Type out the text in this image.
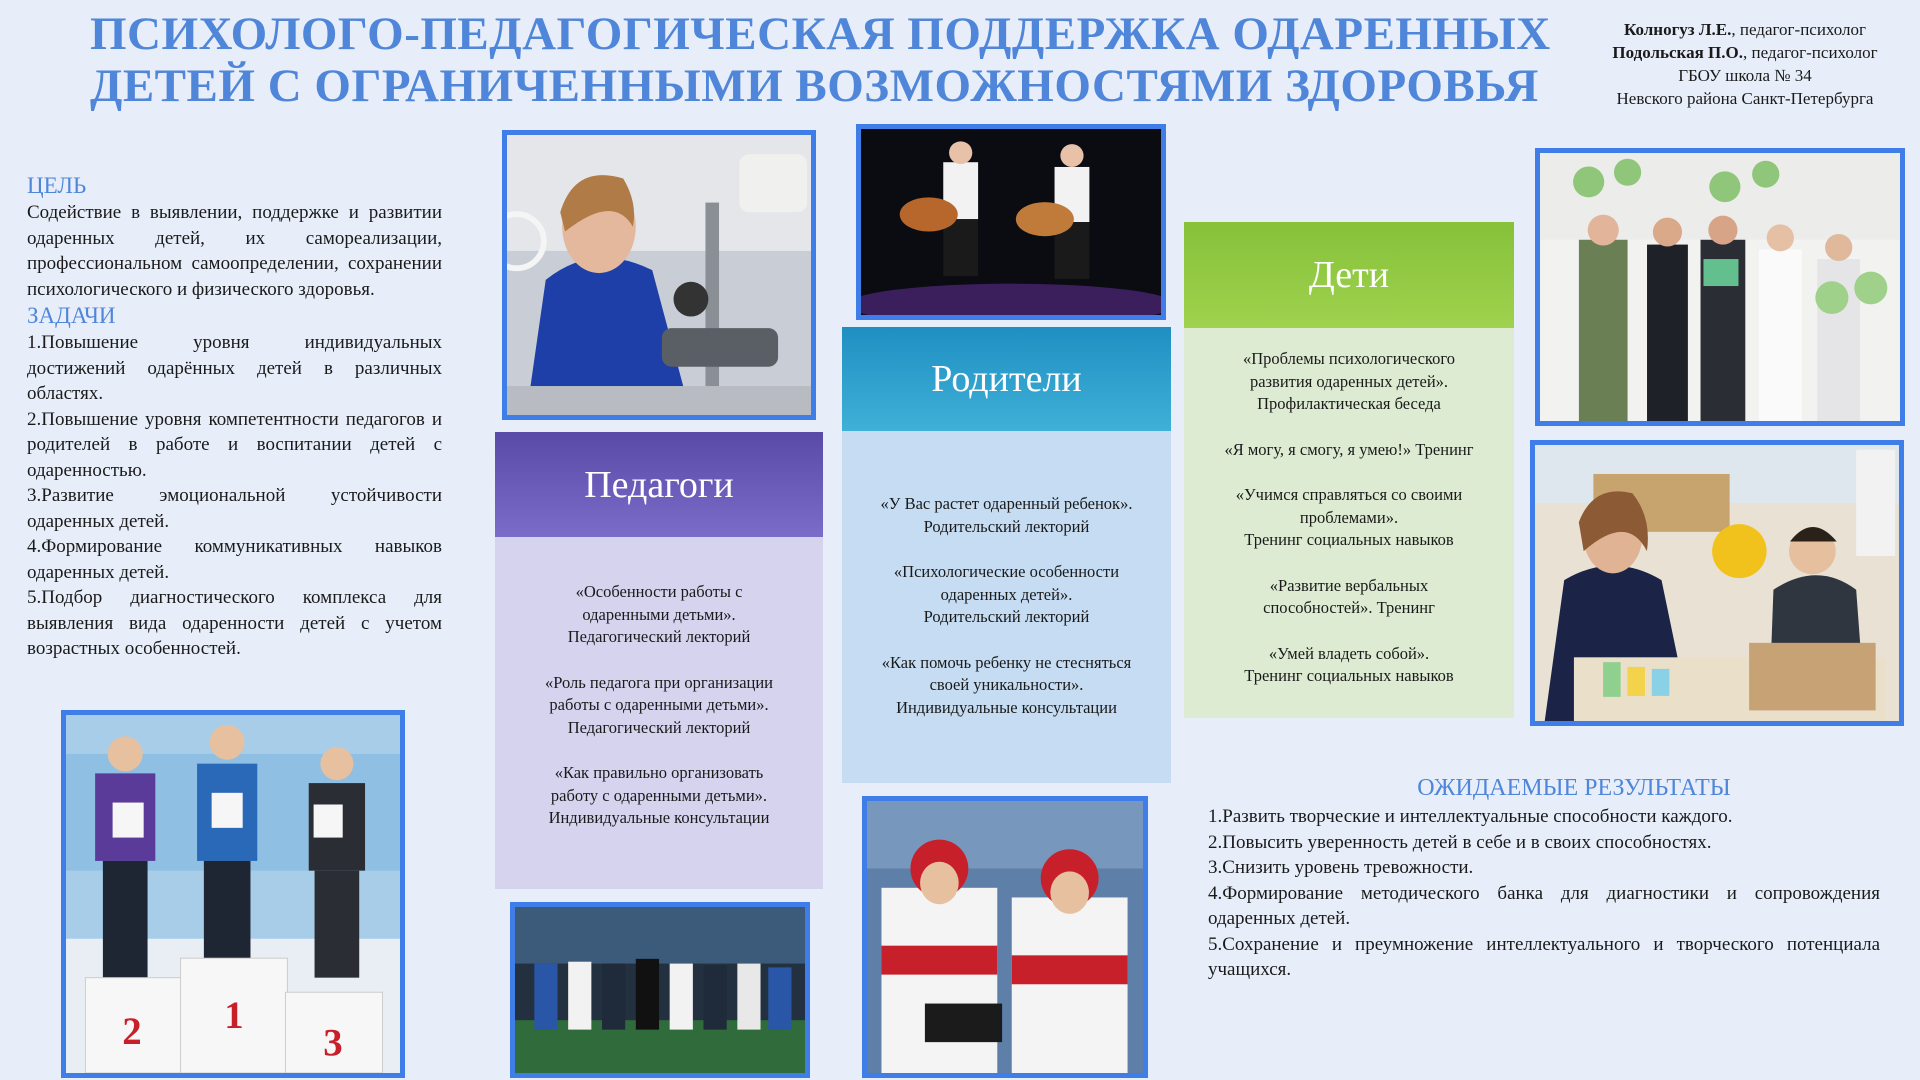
ПСИХОЛОГО-ПЕДАГОГИЧЕСКАЯ ПОДДЕРЖКА ОДАРЕННЫХ
ДЕТЕЙ С ОГРАНИЧЕННЫМИ ВОЗМОЖНОСТЯМИ ЗДОРОВЬЯ
Колногуз Л.Е., педагог-психолог
Подольская П.О., педагог-психолог
ГБОУ школа № 34
Невского района Санкт-Петербурга
ЦЕЛЬ

Содействие в выявлении, поддержке и развитии одаренных детей, их самореализации, профессиональном самоопределении, сохранении психологического и физического здоровья.

ЗАДАЧИ

1.Повышение уровня индивидуальных достижений одарённых детей в различных областях.

2.Повышение уровня компетентности педагогов и родителей в работе и воспитании детей с одаренностью.

3.Развитие эмоциональной устойчивости одаренных детей.

4.Формирование коммуникативных навыков одаренных детей.

5.Подбор диагностического комплекса для выявления вида одаренности детей с учетом возрастных особенностей.

2 1
3
Педагоги
«Особенности работы с
одаренными детьми».
Педагогический лекторий
«Роль педагога при организации
работы с одаренными детьми».
Педагогический лекторий
«Как правильно организовать
работу с одаренными детьми».
Индивидуальные консультации
Родители
«У Вас растет одаренный ребенок».
Родительский лекторий
«Психологические особенности
одаренных детей».
Родительский лекторий
«Как помочь ребенку не стесняться
своей уникальности».
Индивидуальные консультации
Дети
«Проблемы психологического
развития одаренных детей».
Профилактическая беседа
«Я могу, я смогу, я умею!» Тренинг
«Учимся справляться со своими
проблемами».
Тренинг социальных навыков
«Развитие вербальных
способностей». Тренинг
«Умей владеть собой».
Тренинг социальных навыков
ОЖИДАЕМЫЕ РЕЗУЛЬТАТЫ

1.Развить творческие и интеллектуальные способности каждого.

2.Повысить уверенность детей в себе и в своих способностях.

3.Снизить уровень тревожности.

4.Формирование методического банка для диагностики и сопровождения одаренных детей.

5.Сохранение и преумножение интеллектуального и творческого потенциала учащихся.
